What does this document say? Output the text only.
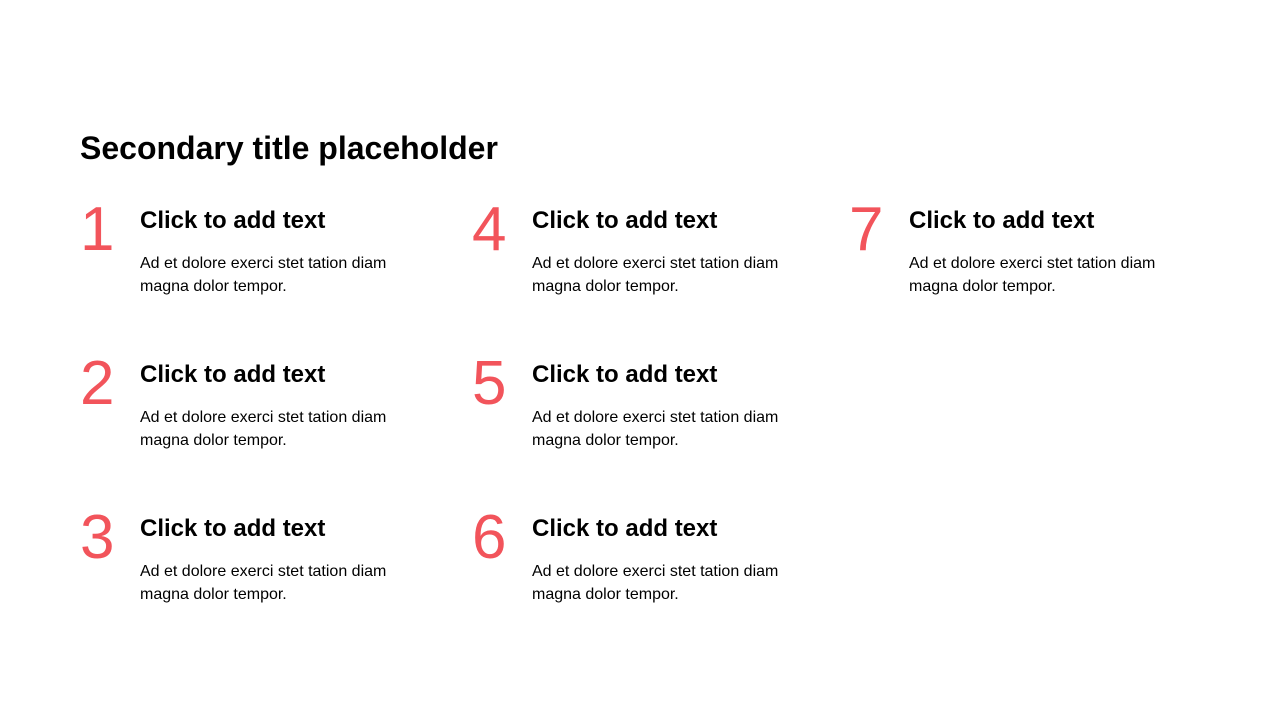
Secondary title placeholder
1 Click to add text
Ad et dolore exerci stet tation diam magna dolor tempor.
2 Click to add text
Ad et dolore exerci stet tation diam magna dolor tempor.
3 Click to add text
Ad et dolore exerci stet tation diam magna dolor tempor.
4 Click to add text
Ad et dolore exerci stet tation diam magna dolor tempor.
5 Click to add text
Ad et dolore exerci stet tation diam magna dolor tempor.
6 Click to add text
Ad et dolore exerci stet tation diam magna dolor tempor.
7 Click to add text
Ad et dolore exerci stet tation diam magna dolor tempor.
